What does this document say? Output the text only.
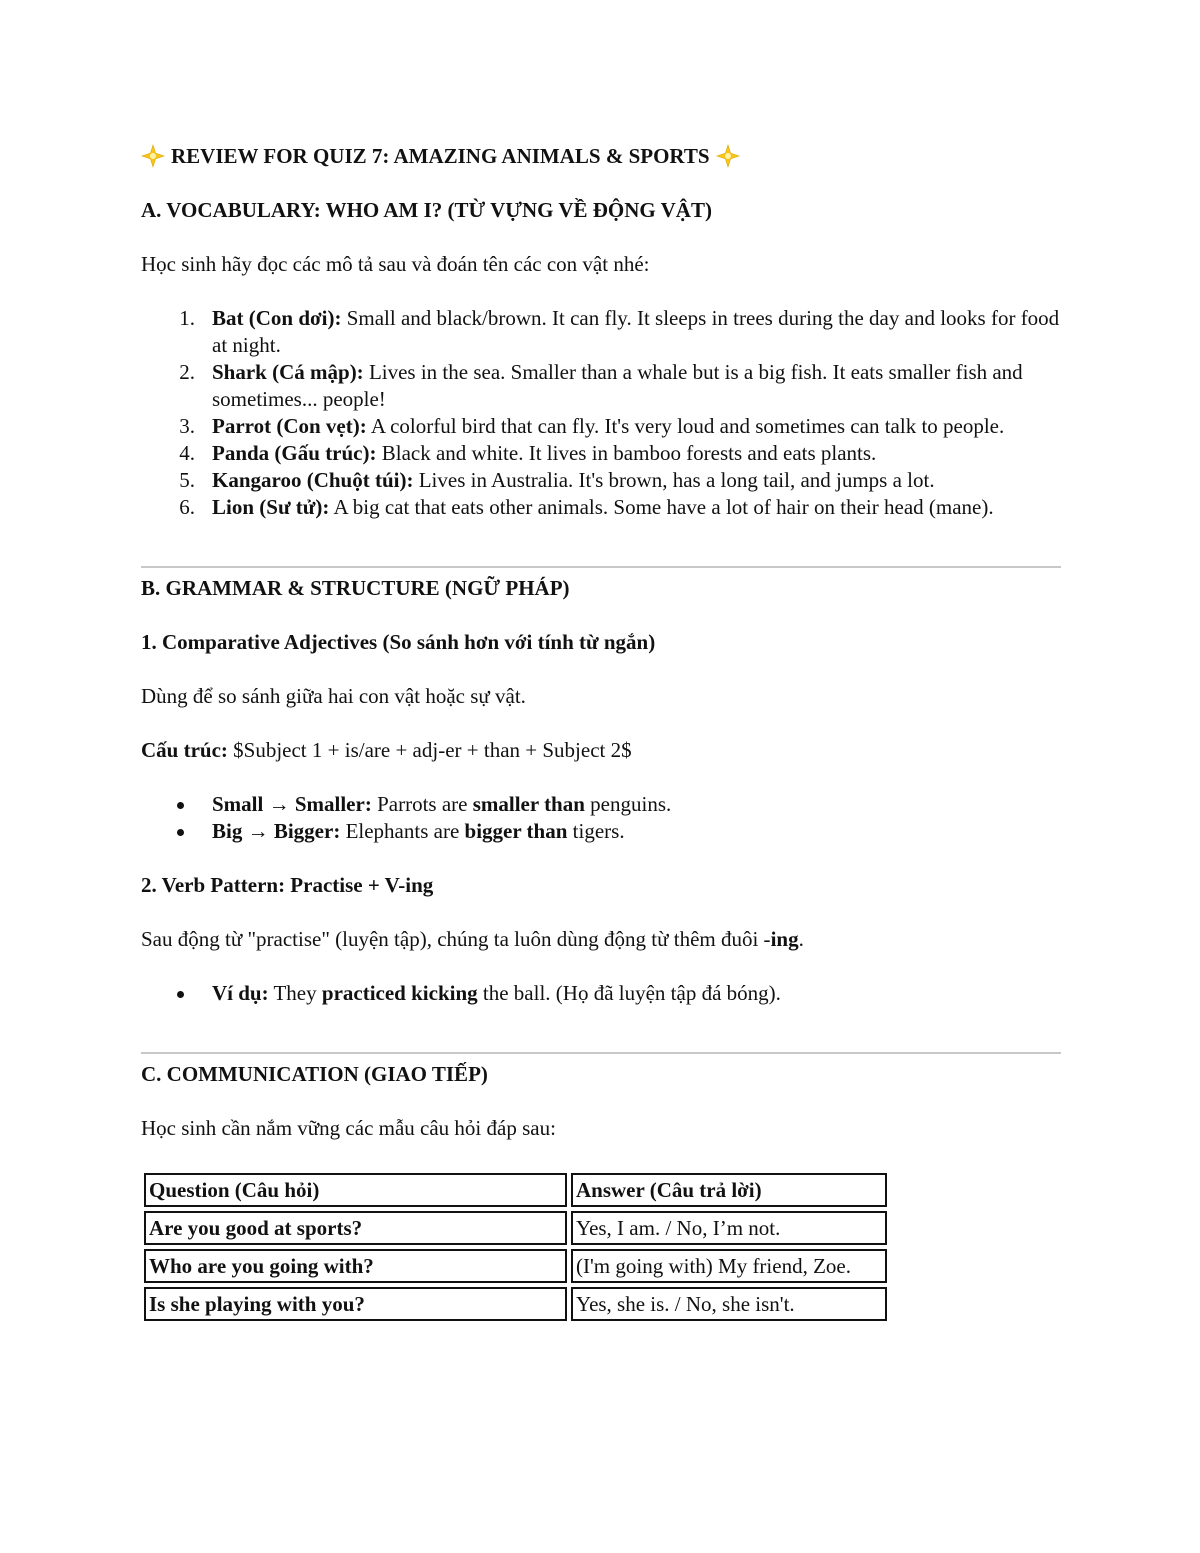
REVIEW FOR QUIZ 7: AMAZING ANIMALS & SPORTS
A. VOCABULARY: WHO AM I? (TỪ VỰNG VỀ ĐỘNG VẬT)
Học sinh hãy đọc các mô tả sau và đoán tên các con vật nhé:
1. Bat (Con dơi): Small and black/brown. It can fly. It sleeps in trees during the day and looks for food at night.
2. Shark (Cá mập): Lives in the sea. Smaller than a whale but is a big fish. It eats smaller fish and sometimes... people!
3. Parrot (Con vẹt): A colorful bird that can fly. It's very loud and sometimes can talk to people.
4. Panda (Gấu trúc): Black and white. It lives in bamboo forests and eats plants.
5. Kangaroo (Chuột túi): Lives in Australia. It's brown, has a long tail, and jumps a lot.
6. Lion (Sư tử): A big cat that eats other animals. Some have a lot of hair on their head (mane).
B. GRAMMAR & STRUCTURE (NGỮ PHÁP)
1. Comparative Adjectives (So sánh hơn với tính từ ngắn)
Dùng để so sánh giữa hai con vật hoặc sự vật.
Cấu trúc: $Subject 1 + is/are + adj-er + than + Subject 2$
Small → Smaller: Parrots are smaller than penguins.
Big → Bigger: Elephants are bigger than tigers.
2. Verb Pattern: Practise + V-ing
Sau động từ "practise" (luyện tập), chúng ta luôn dùng động từ thêm đuôi -ing.
Ví dụ: They practiced kicking the ball. (Họ đã luyện tập đá bóng).
C. COMMUNICATION (GIAO TIẾP)
Học sinh cần nắm vững các mẫu câu hỏi đáp sau:
Question (Câu hỏi)	Answer (Câu trả lời)
Are you good at sports?	Yes, I am. / No, I’m not.
Who are you going with?	(I'm going with) My friend, Zoe.
Is she playing with you?	Yes, she is. / No, she isn't.
